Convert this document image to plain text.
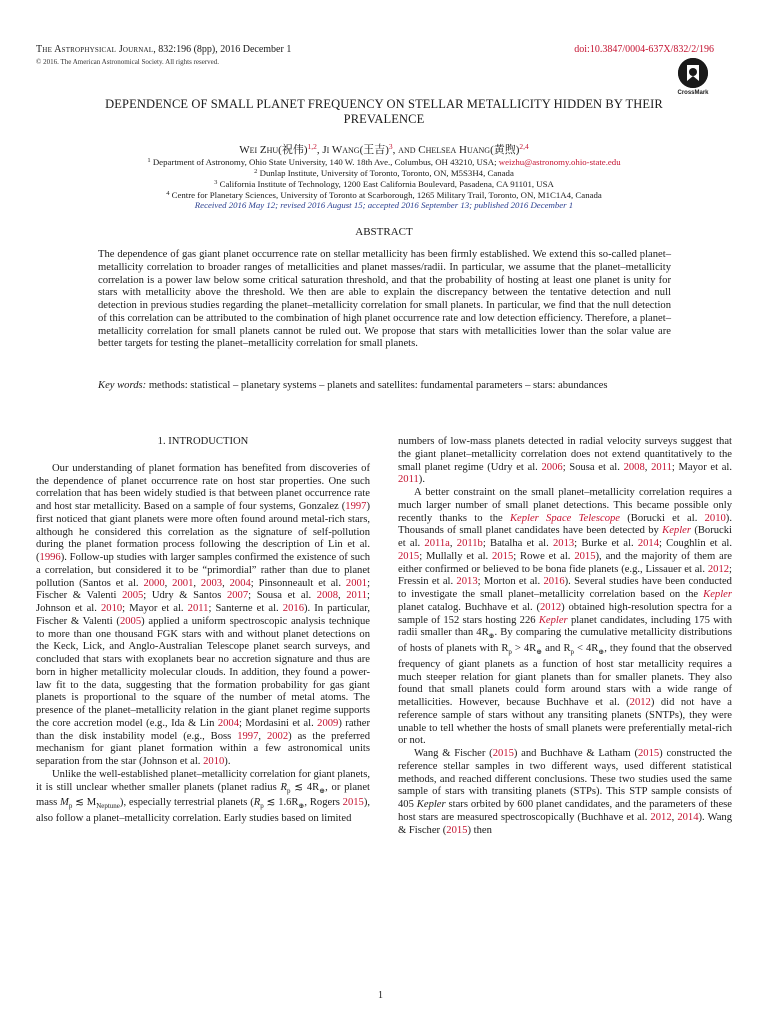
The Astrophysical Journal, 832:196 (8pp), 2016 December 1
© 2016. The American Astronomical Society. All rights reserved.
doi:10.3847/0004-637X/832/2/196
CrossMark
DEPENDENCE OF SMALL PLANET FREQUENCY ON STELLAR METALLICITY HIDDEN BY THEIR PREVALENCE
Wei Zhu(祝伟)$^{1,2}$, Ji Wang(王吉)$^3$, and Chelsea Huang(黄煦)$^{2,4}$
$^1$ Department of Astronomy, Ohio State University, 140 W. 18th Ave., Columbus, OH 43210, USA; weizhu@astronomy.ohio-state.edu
$^2$ Dunlap Institute, University of Toronto, Toronto, ON, M5S3H4, Canada
$^3$ California Institute of Technology, 1200 East California Boulevard, Pasadena, CA 91101, USA
$^4$ Centre for Planetary Sciences, University of Toronto at Scarborough, 1265 Military Trail, Toronto, ON, M1C1A4, Canada
Received 2016 May 12; revised 2016 August 15; accepted 2016 September 13; published 2016 December 1
ABSTRACT
The dependence of gas giant planet occurrence rate on stellar metallicity has been firmly established. We extend this so-called planet–metallicity correlation to broader ranges of metallicities and planet masses/radii. In particular, we assume that the planet–metallicity correlation is a power law below some critical saturation threshold, and that the probability of hosting at least one planet is unity for stars with metallicity above the threshold. We then are able to explain the discrepancy between the tentative detection and null detection in previous studies regarding the planet–metallicity correlation for small planets. In particular, we find that the null detection of this correlation can be attributed to the combination of high planet occurrence rate and low detection efficiency. Therefore, a planet–metallicity correlation for small planets cannot be ruled out. We propose that stars with metallicities lower than the solar value are better targets for testing the planet–metallicity correlation for small planets.
Key words: methods: statistical – planetary systems – planets and satellites: fundamental parameters – stars: abundances
1. INTRODUCTION

Our understanding of planet formation has benefited from discoveries of the dependence of planet occurrence rate on host star properties. One such correlation that has been widely studied is that between planet occurrence rate and host star metallicity. Based on a sample of four systems, Gonzalez (1997) first noticed that giant planets were more often found around metal-rich stars, although he considered this correlation as the signature of self-pollution during the planet formation process following the description of Lin et al. (1996). Follow-up studies with larger samples confirmed the existence of such a correlation, but considered it to be “primordial” rather than due to planet pollution (Santos et al. 2000, 2001, 2003, 2004; Pinsonneault et al. 2001; Fischer & Valenti 2005; Udry & Santos 2007; Sousa et al. 2008, 2011; Johnson et al. 2010; Mayor et al. 2011; Santerne et al. 2016). In particular, Fischer & Valenti (2005) applied a uniform spectroscopic analysis technique to more than one thousand FGK stars with and without planet detections on the Keck, Lick, and Anglo-Australian Telescope planet search surveys, and concluded that stars with exoplanets bear no accretion signature and thus are born in higher metallicity molecular clouds. In addition, they found a power-law fit to the data, suggesting that the formation probability for gas giant planets is proportional to the square of the number of metal atoms. The presence of the planet–metallicity relation in the giant planet regime supports the core accretion model (e.g., Ida & Lin 2004; Mordasini et al. 2009) rather than the disk instability model (e.g., Boss 1997, 2002) as the preferred mechanism for giant planet formation within a few astronomical units separation from the star (Johnson et al. 2010).

Unlike the well-established planet–metallicity correlation for giant planets, it is still unclear whether smaller planets (planet radius $R_p$ ≲ $4R_\oplus$, or planet mass $M_p$ ≲ $M_{Neptune}$), especially terrestrial planets ($R_p$ ≲ $1.6R_\oplus$, Rogers 2015), also follow a planet–metallicity correlation. Early studies based on limited

numbers of low-mass planets detected in radial velocity surveys suggest that the giant planet–metallicity correlation does not extend quantitatively to the small planet regime (Udry et al. 2006; Sousa et al. 2008, 2011; Mayor et al. 2011).

A better constraint on the small planet–metallicity correlation requires a much larger number of small planet detections. This became possible only recently thanks to the Kepler Space Telescope (Borucki et al. 2010). Thousands of small planet candidates have been detected by Kepler (Borucki et al. 2011a, 2011b; Batalha et al. 2013; Burke et al. 2014; Coughlin et al. 2015; Mullally et al. 2015; Rowe et al. 2015), and the majority of them are either confirmed or believed to be bona fide planets (e.g., Lissauer et al. 2012; Fressin et al. 2013; Morton et al. 2016). Several studies have been conducted to investigate the small planet–metallicity correlation based on the Kepler planet catalog. Buchhave et al. (2012) obtained high-resolution spectra for a sample of 152 stars hosting 226 Kepler planet candidates, including 175 with radii smaller than $4R_\oplus$. By comparing the cumulative metallicity distributions of hosts of planets with $R_p > 4R_\oplus$ and $R_p < 4R_\oplus$, they found that the observed frequency of giant planets as a function of host star metallicity requires a much steeper relation for giant planets than for smaller planets. They also found that small planets could form around stars with a wide range of metallicities. However, because Buchhave et al. (2012) did not have a reference sample of stars without any transiting planets (SNTPs), they were unable to tell whether the hosts of small planets were preferentially metal-rich or not.

Wang & Fischer (2015) and Buchhave & Latham (2015) constructed the reference stellar samples in two different ways, used different statistical methods, and reached different conclusions. These two studies used the same sample of stars with transiting planets (STPs). This STP sample consists of 405 Kepler stars orbited by 600 planet candidates, and the parameters of these host stars are measured spectroscopically (Buchhave et al. 2012, 2014). Wang & Fischer (2015) then

1
